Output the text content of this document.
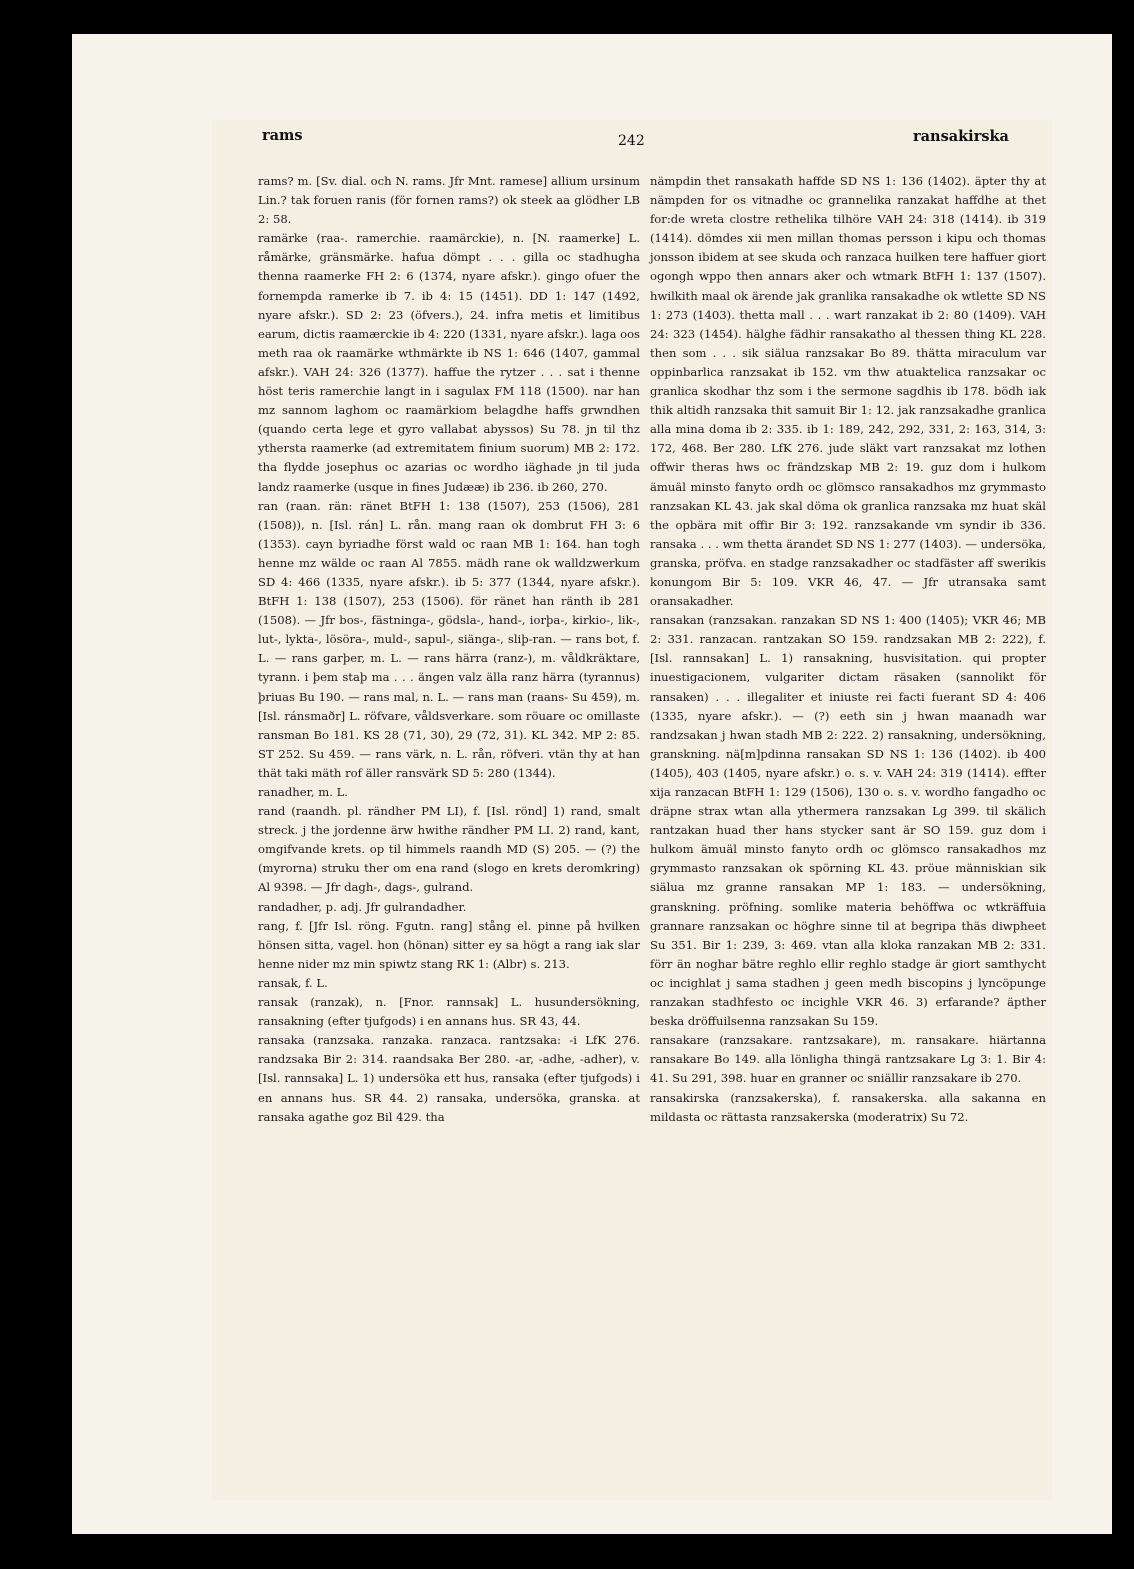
rams	242	ransakirska

rams? m. [Sv. dial. och N. rams. Jfr Mnt. ramese] allium ursinum Lin.? tak foruen ranis (för fornen rams?) ok steek aa glödher LB 2: 58.

ramärke (raa-. ramerchie. raamärckie), n. [N. raamerke] L. råmärke, gränsmärke. hafua dömpt . . . gilla oc stadhugha thenna raamerke FH 2: 6 (1374, nyare afskr.). gingo ofuer the fornempda ramerke ib 7. ib 4: 15 (1451). DD 1: 147 (1492, nyare afskr.). SD 2: 23 (öfvers.), 24. infra metis et limitibus earum, dictis raamærckie ib 4: 220 (1331, nyare afskr.). laga oos meth raa ok raamärke wthmärkte ib NS 1: 646 (1407, gammal afskr.). VAH 24: 326 (1377). haffue the rytzer . . . sat i thenne höst teris ramerchie langt in i sagulax FM 118 (1500). nar han mz sannom laghom oc raamärkiom belagdhe haffs grwndhen (quando certa lege et gyro vallabat abyssos) Su 78. jn til thz ythersta raamerke (ad extremitatem finium suorum) MB 2: 172. tha flydde josephus oc azarias oc wordho iäghade jn til juda landz raamerke (usque in fines Judææ) ib 236. ib 260, 270.

ran (raan. rän: ränet BtFH 1: 138 (1507), 253 (1506), 281 (1508)), n. [Isl. rán] L. rån. mang raan ok dombrut FH 3: 6 (1353). cayn byriadhe först wald oc raan MB 1: 164. han togh henne mz wälde oc raan Al 7855. mädh rane ok walldzwerkum SD 4: 466 (1335, nyare afskr.). ib 5: 377 (1344, nyare afskr.). BtFH 1: 138 (1507), 253 (1506). för ränet han ränth ib 281 (1508). — Jfr bos-, fästninga-, gödsla-, hand-, iorþa-, kirkio-, lik-, lut-, lykta-, lösöra-, muld-, sapul-, siänga-, sliþ-ran. — rans bot, f. L. — rans garþer, m. L. — rans härra (ranz-), m. våldkräktare, tyrann. i þem staþ ma . . . ängen valz älla ranz härra (tyrannus) þriuas Bu 190. — rans mal, n. L. — rans man (raans- Su 459), m. [Isl. ránsmaðr] L. röfvare, våldsverkare. som röuare oc omillaste ransman Bo 181. KS 28 (71, 30), 29 (72, 31). KL 342. MP 2: 85. ST 252. Su 459. — rans värk, n. L. rån, röfveri. vtän thy at han thät taki mäth rof äller ransvärk SD 5: 280 (1344).

ranadher, m. L.

rand (raandh. pl. rändher PM LI), f. [Isl. rönd] 1) rand, smalt streck. j the jordenne ärw hwithe rändher PM LI. 2) rand, kant, omgifvande krets. op til himmels raandh MD (S) 205. — (?) the (myrorna) struku ther om ena rand (slogo en krets deromkring) Al 9398. — Jfr dagh-, dags-, gulrand.

randadher, p. adj. Jfr gulrandadher.

rang, f. [Jfr Isl. röng. Fgutn. rang] stång el. pinne på hvilken hönsen sitta, vagel. hon (hönan) sitter ey sa högt a rang iak slar henne nider mz min spiwtz stang RK 1: (Albr) s. 213.

ransak, f. L.

ransak (ranzak), n. [Fnor. rannsak] L. husundersökning, ransakning (efter tjufgods) i en annans hus. SR 43, 44.

ransaka (ranzsaka. ranzaka. ranzaca. rantzsaka: -i LfK 276. randzsaka Bir 2: 314. raandsaka Ber 280. -ar, -adhe, -adher), v. [Isl. rannsaka] L. 1) undersöka ett hus, ransaka (efter tjufgods) i en annans hus. SR 44. 2) ransaka, undersöka, granska. at ransaka agathe goz Bil 429. tha

nämpdin thet ransakath haffde SD NS 1: 136 (1402). äpter thy at nämpden for os vitnadhe oc grannelika ranzakat haffdhe at thet for:de wreta clostre rethelika tilhöre VAH 24: 318 (1414). ib 319 (1414). dömdes xii men millan thomas persson i kipu och thomas jonsson ibidem at see skuda och ranzaca huilken tere haffuer giort ogongh wppo then annars aker och wtmark BtFH 1: 137 (1507). hwilkith maal ok ärende jak granlika ransakadhe ok wtlette SD NS 1: 273 (1403). thetta mall . . . wart ranzakat ib 2: 80 (1409). VAH 24: 323 (1454). hälghe fädhir ransakatho al thessen thing KL 228. then som . . . sik siälua ranzsakar Bo 89. thätta miraculum var oppinbarlica ranzsakat ib 152. vm thw atuaktelica ranzsakar oc granlica skodhar thz som i the sermone sagdhis ib 178. bödh iak thik altidh ranzsaka thit samuit Bir 1: 12. jak ranzsakadhe granlica alla mina doma ib 2: 335. ib 1: 189, 242, 292, 331, 2: 163, 314, 3: 172, 468. Ber 280. LfK 276. jude släkt vart ranzsakat mz lothen offwir theras hws oc fränd​zskap MB 2: 19. guz dom i hulkom ämuäl minsto fanyto ordh oc glömsco ransakadhos mz grymmasto ranzsakan KL 43. jak skal döma ok granlica ranzsaka mz huat skäl the opbära mit offir Bir 3: 192. ranzsakande vm syndir ib 336. ransaka . . . wm thetta ärandet SD NS 1: 277 (1403). — undersöka, granska, pröfva. en stadge ranzsakadher oc stadfäster aff swerikis konungom Bir 5: 109. VKR 46, 47. — Jfr utransaka samt oransakadher.

ransakan (ranzsakan. ranzakan SD NS 1: 400 (1405); VKR 46; MB 2: 331. ranzacan. rantzakan SO 159. randzsakan MB 2: 222), f. [Isl. rannsakan] L. 1) ransakning, husvisitation. qui propter inuestigacionem, vulgariter dictam räsaken (sannolikt för ransaken) . . . illegaliter et iniuste rei facti fuerant SD 4: 406 (1335, nyare afskr.). — (?) eeth sin j hwan maanadh war randzsakan j hwan stadh MB 2: 222. 2) ransakning, undersökning, granskning. nä[m]pdinna ransakan SD NS 1: 136 (1402). ib 400 (1405), 403 (1405, nyare afskr.) o. s. v. VAH 24: 319 (1414). effter xija ranzacan BtFH 1: 129 (1506), 130 o. s. v. wordho fangadho oc dräpne strax wtan alla ythermera ranzsakan Lg 399. til skälich rantzakan huad ther hans stycker sant är SO 159. guz dom i hulkom ämuäl minsto fanyto ordh oc glömsco ransakadhos mz grymmasto ranzsakan ok spörning KL 43. pröue människian sik siälua mz granne ransakan MP 1: 183. — undersökning, granskning. pröfning. somlike materia behöffwa oc wtkräffuia grannare ranzsakan oc höghre sinne til at begripa thäs diwpheet Su 351. Bir 1: 239, 3: 469. vtan alla kloka ranzakan MB 2: 331. förr än noghar bätre reghlo ellir reghlo stadge är giort samthycht oc incighlat j sama stadhen j geen medh biscopins j lyncöpunge ranzakan stadhfesto oc incighle VKR 46. 3) erfarande? äpther beska dröffuilsenna ranzsakan Su 159.

ransakare (ranzsakare. rantzsakare), m. ransakare. hiärtanna ransakare Bo 149. alla lönligha thingä rantzsakare Lg 3: 1. Bir 4: 41. Su 291, 398. huar en granner oc sniällir ranzsakare ib 270.

ransakirska (ranzsakerska), f. ransakerska. alla sakanna en mildasta oc rättasta ranzsakerska (moderatrix) Su 72.
